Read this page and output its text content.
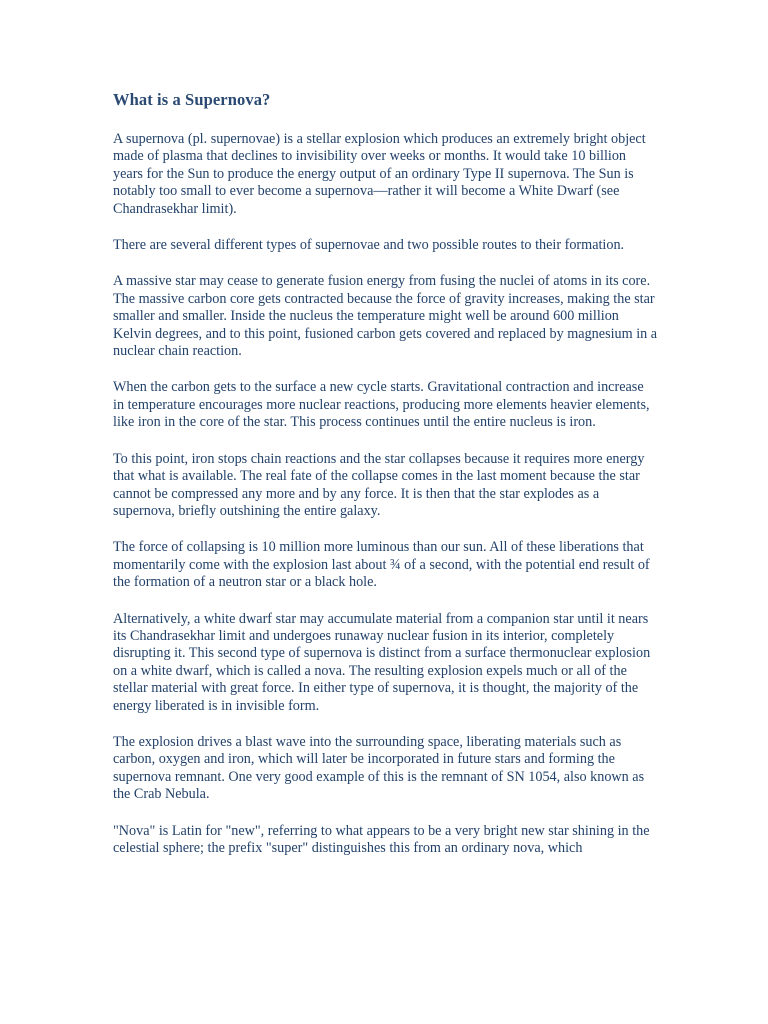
What is a Supernova?

A supernova (pl. supernovae) is a stellar explosion which produces an extremely bright object made of plasma that declines to invisibility over weeks or months. It would take 10 billion years for the Sun to produce the energy output of an ordinary Type II supernova. The Sun is notably too small to ever become a supernova—rather it will become a White Dwarf (see Chandrasekhar limit).

There are several different types of supernovae and two possible routes to their formation.

A massive star may cease to generate fusion energy from fusing the nuclei of atoms in its core. The massive carbon core gets contracted because the force of gravity increases, making the star smaller and smaller. Inside the nucleus the temperature might well be around 600 million Kelvin degrees, and to this point, fusioned carbon gets covered and replaced by magnesium in a nuclear chain reaction.

When the carbon gets to the surface a new cycle starts. Gravitational contraction and increase in temperature encourages more nuclear reactions, producing more elements heavier elements, like iron in the core of the star. This process continues until the entire nucleus is iron.

To this point, iron stops chain reactions and the star collapses because it requires more energy that what is available. The real fate of the collapse comes in the last moment because the star cannot be compressed any more and by any force. It is then that the star explodes as a supernova, briefly outshining the entire galaxy.

The force of collapsing is 10 million more luminous than our sun. All of these liberations that momentarily come with the explosion last about ¾ of a second, with the potential end result of the formation of a neutron star or a black hole.

Alternatively, a white dwarf star may accumulate material from a companion star until it nears its Chandrasekhar limit and undergoes runaway nuclear fusion in its interior, completely disrupting it. This second type of supernova is distinct from a surface thermonuclear explosion on a white dwarf, which is called a nova. The resulting explosion expels much or all of the stellar material with great force. In either type of supernova, it is thought, the majority of the energy liberated is in invisible form.

The explosion drives a blast wave into the surrounding space, liberating materials such as carbon, oxygen and iron, which will later be incorporated in future stars and forming the supernova remnant. One very good example of this is the remnant of SN 1054, also known as the Crab Nebula.

"Nova" is Latin for "new", referring to what appears to be a very bright new star shining in the celestial sphere; the prefix "super" distinguishes this from an ordinary nova, which
